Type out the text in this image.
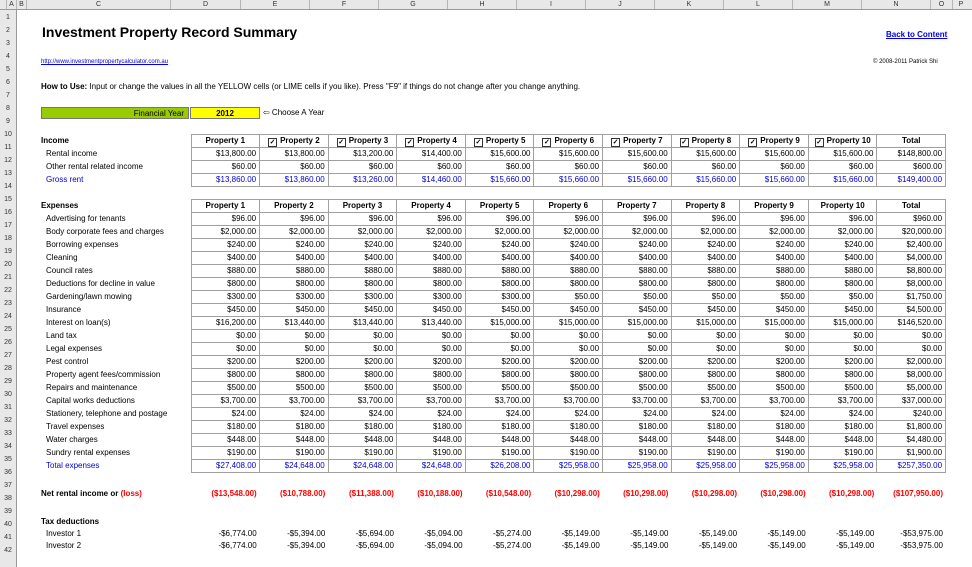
A B	C	D	E	F	G	H	I	J	K	L	M	N	O	P
1
2
3
4
5
6
7
8
9
10
11
12
13
14
15
16
17
18
19
20
21
22
23
24
25
26
27
28
29
30
31
32
33
34
35
36
37
38
39
40
41
42
Investment Property Record Summary	Back to Content
http://www.investmentpropertycalculator.com.au	© 2008-2011 Patrick Shi
How to Use: Input or change the values in all the YELLOW cells (or LIME cells if you like). Press "F9" if things do not change after you change anything.
Financial Year	2012	⇦ Choose A Year
Income	Property 1	✓ Property 2	✓ Property 3	✓ Property 4	✓ Property 5	✓ Property 6	✓ Property 7	✓ Property 8	✓ Property 9	✓ Property 10	Total
Rental income	$13,800.00	$13,800.00	$13,200.00	$14,400.00	$15,600.00	$15,600.00	$15,600.00	$15,600.00	$15,600.00	$15,600.00	$148,800.00
Other rental related income	$60.00	$60.00	$60.00	$60.00	$60.00	$60.00	$60.00	$60.00	$60.00	$60.00	$600.00
Gross rent	$13,860.00	$13,860.00	$13,260.00	$14,460.00	$15,660.00	$15,660.00	$15,660.00	$15,660.00	$15,660.00	$15,660.00	$149,400.00
Expenses	Property 1	Property 2	Property 3	Property 4	Property 5	Property 6	Property 7	Property 8	Property 9	Property 10	Total
Advertising for tenants	$96.00	$96.00	$96.00	$96.00	$96.00	$96.00	$96.00	$96.00	$96.00	$96.00	$960.00
Body corporate fees and charges	$2,000.00	$2,000.00	$2,000.00	$2,000.00	$2,000.00	$2,000.00	$2,000.00	$2,000.00	$2,000.00	$2,000.00	$20,000.00
Borrowing expenses	$240.00	$240.00	$240.00	$240.00	$240.00	$240.00	$240.00	$240.00	$240.00	$240.00	$2,400.00
Cleaning	$400.00	$400.00	$400.00	$400.00	$400.00	$400.00	$400.00	$400.00	$400.00	$400.00	$4,000.00
Council rates	$880.00	$880.00	$880.00	$880.00	$880.00	$880.00	$880.00	$880.00	$880.00	$880.00	$8,800.00
Deductions for decline in value	$800.00	$800.00	$800.00	$800.00	$800.00	$800.00	$800.00	$800.00	$800.00	$800.00	$8,000.00
Gardening/lawn mowing	$300.00	$300.00	$300.00	$300.00	$300.00	$50.00	$50.00	$50.00	$50.00	$50.00	$1,750.00
Insurance	$450.00	$450.00	$450.00	$450.00	$450.00	$450.00	$450.00	$450.00	$450.00	$450.00	$4,500.00
Interest on loan(s)	$16,200.00	$13,440.00	$13,440.00	$13,440.00	$15,000.00	$15,000.00	$15,000.00	$15,000.00	$15,000.00	$15,000.00	$146,520.00
Land tax	$0.00	$0.00	$0.00	$0.00	$0.00	$0.00	$0.00	$0.00	$0.00	$0.00	$0.00
Legal expenses	$0.00	$0.00	$0.00	$0.00	$0.00	$0.00	$0.00	$0.00	$0.00	$0.00	$0.00
Pest control	$200.00	$200.00	$200.00	$200.00	$200.00	$200.00	$200.00	$200.00	$200.00	$200.00	$2,000.00
Property agent fees/commission	$800.00	$800.00	$800.00	$800.00	$800.00	$800.00	$800.00	$800.00	$800.00	$800.00	$8,000.00
Repairs and maintenance	$500.00	$500.00	$500.00	$500.00	$500.00	$500.00	$500.00	$500.00	$500.00	$500.00	$5,000.00
Capital works deductions	$3,700.00	$3,700.00	$3,700.00	$3,700.00	$3,700.00	$3,700.00	$3,700.00	$3,700.00	$3,700.00	$3,700.00	$37,000.00
Stationery, telephone and postage	$24.00	$24.00	$24.00	$24.00	$24.00	$24.00	$24.00	$24.00	$24.00	$24.00	$240.00
Travel expenses	$180.00	$180.00	$180.00	$180.00	$180.00	$180.00	$180.00	$180.00	$180.00	$180.00	$1,800.00
Water charges	$448.00	$448.00	$448.00	$448.00	$448.00	$448.00	$448.00	$448.00	$448.00	$448.00	$4,480.00
Sundry rental expenses	$190.00	$190.00	$190.00	$190.00	$190.00	$190.00	$190.00	$190.00	$190.00	$190.00	$1,900.00
Total expenses	$27,408.00	$24,648.00	$24,648.00	$24,648.00	$26,208.00	$25,958.00	$25,958.00	$25,958.00	$25,958.00	$25,958.00	$257,350.00
Net rental income or (loss)	($13,548.00)	($10,788.00)	($11,388.00)	($10,188.00)	($10,548.00)	($10,298.00)	($10,298.00)	($10,298.00)	($10,298.00)	($10,298.00)	($107,950.00)
Tax deductions											
Investor 1	-$6,774.00	-$5,394.00	-$5,694.00	-$5,094.00	-$5,274.00	-$5,149.00	-$5,149.00	-$5,149.00	-$5,149.00	-$5,149.00	-$53,975.00
Investor 2	-$6,774.00	-$5,394.00	-$5,694.00	-$5,094.00	-$5,274.00	-$5,149.00	-$5,149.00	-$5,149.00	-$5,149.00	-$5,149.00	-$53,975.00
